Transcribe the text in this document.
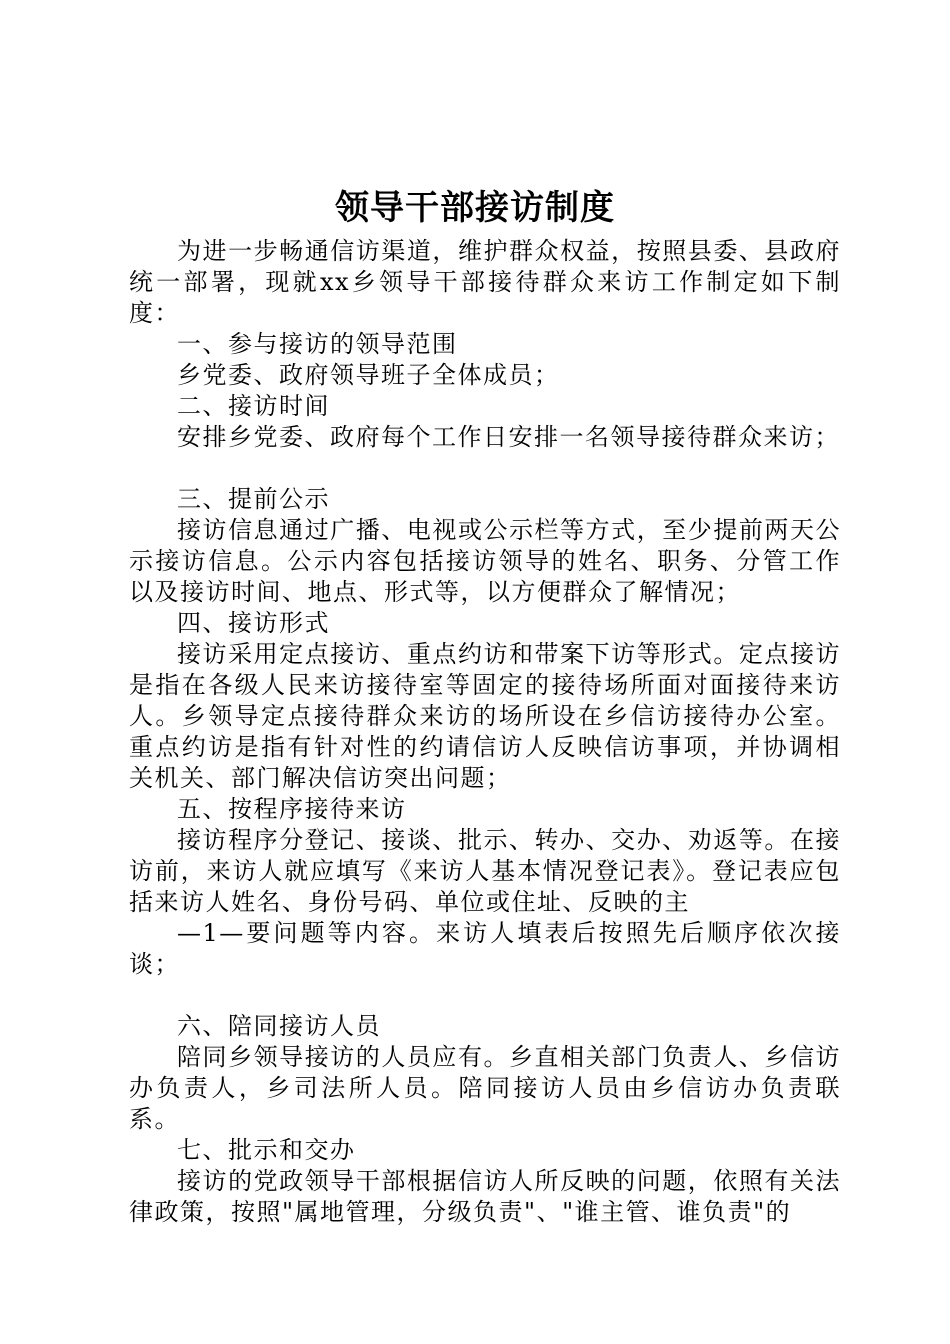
领导干部接访制度

为进一步畅通信访渠道，维护群众权益，按照县委、县政府统一部署，现就xx乡领导干部接待群众来访工作制定如下制度：

一、参与接访的领导范围

乡党委、政府领导班子全体成员；

二、接访时间

安排乡党委、政府每个工作日安排一名领导接待群众来访；

三、提前公示

接访信息通过广播、电视或公示栏等方式，至少提前两天公示接访信息。公示内容包括接访领导的姓名、职务、分管工作以及接访时间、地点、形式等，以方便群众了解情况；

四、接访形式

接访采用定点接访、重点约访和带案下访等形式。定点接访是指在各级人民来访接待室等固定的接待场所面对面接待来访人。乡领导定点接待群众来访的场所设在乡信访接待办公室。重点约访是指有针对性的约请信访人反映信访事项，并协调相关机关、部门解决信访突出问题；

五、按程序接待来访

接访程序分登记、接谈、批示、转办、交办、劝返等。在接访前，来访人就应填写《来访人基本情况登记表》。登记表应包括来访人姓名、身份号码、单位或住址、反映的主

—1—要问题等内容。来访人填表后按照先后顺序依次接谈；

六、陪同接访人员

陪同乡领导接访的人员应有。乡直相关部门负责人、乡信访办负责人，乡司法所人员。陪同接访人员由乡信访办负责联系。

七、批示和交办

接访的党政领导干部根据信访人所反映的问题，依照有关法律政策，按照"属地管理，分级负责"、"谁主管、谁负责"的
